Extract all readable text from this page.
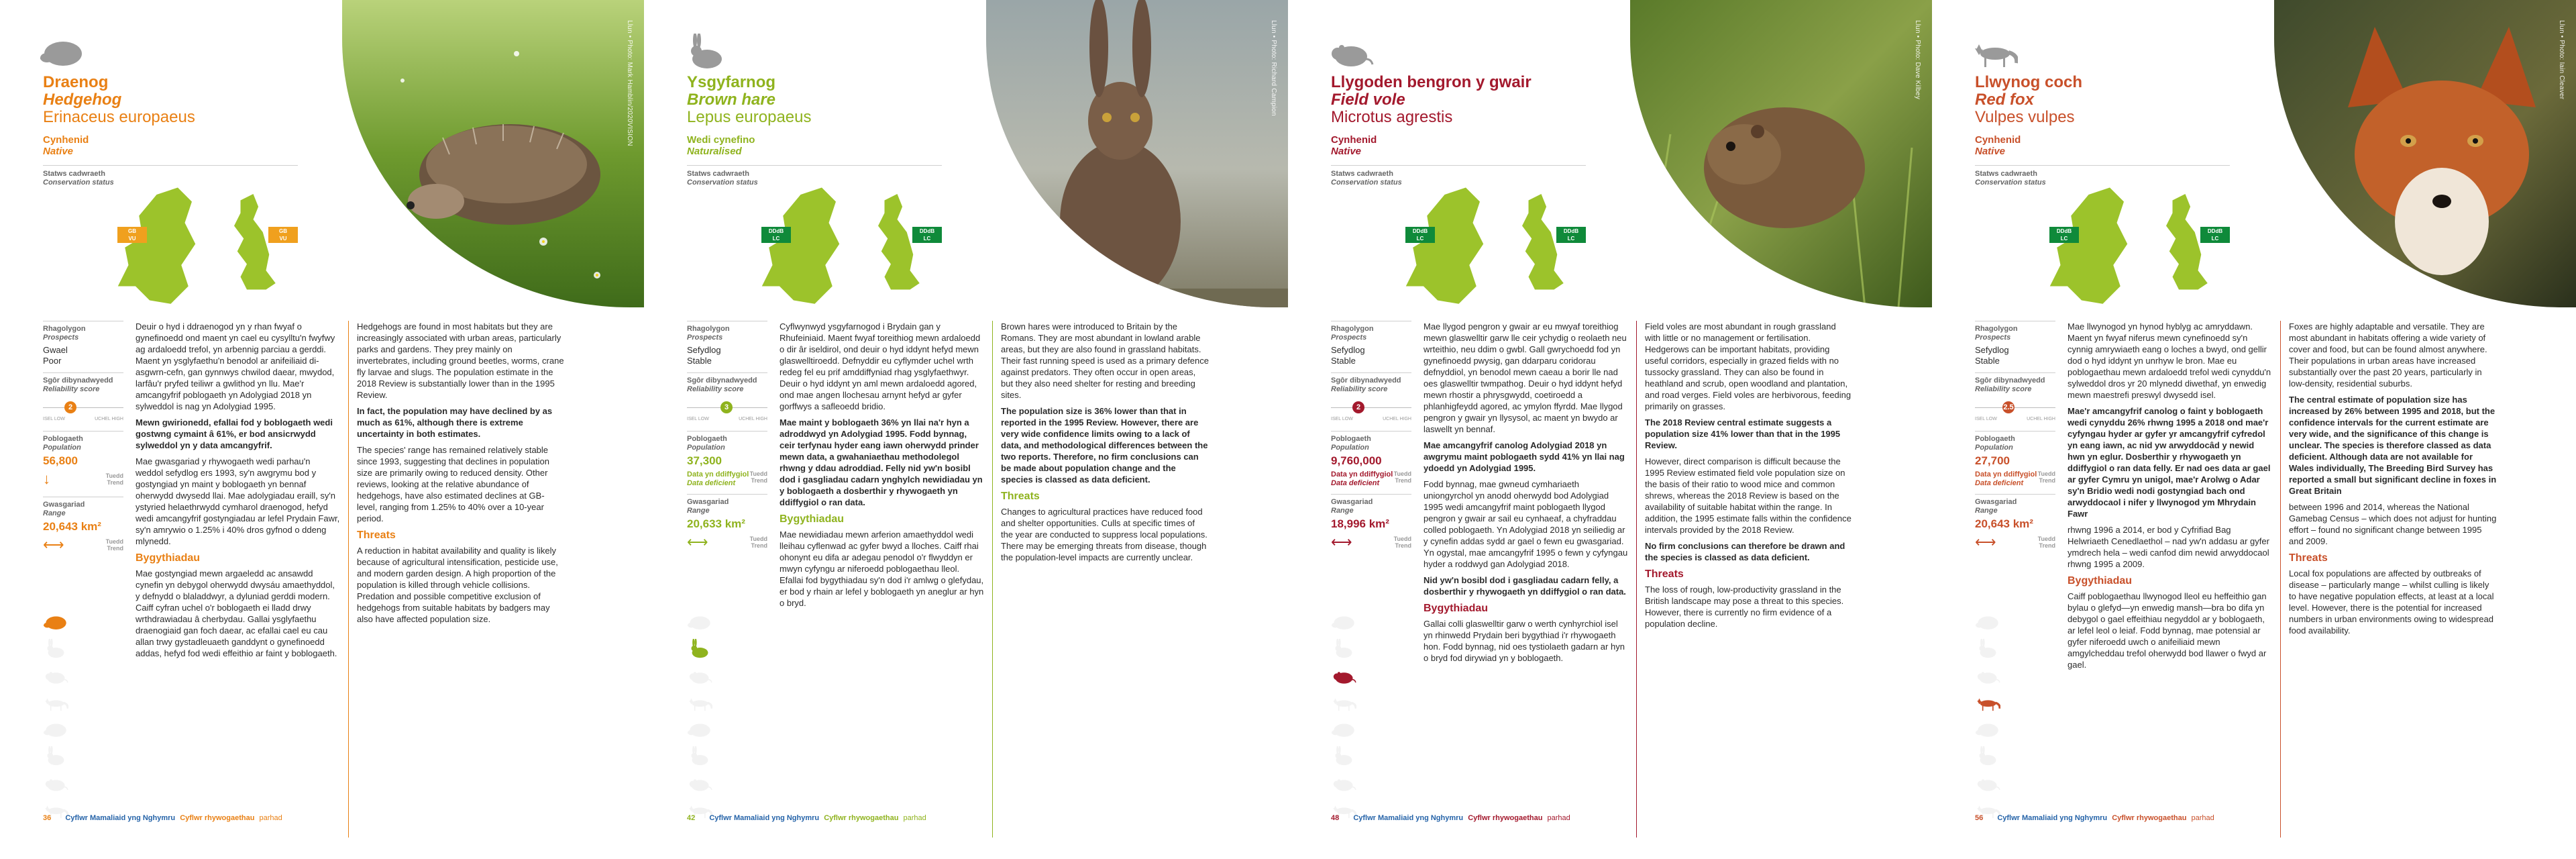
Llun • Photo: Mark Hamblin/2020VISION
Draenog
Hedgehog
Erinaceus europaeus
Cynhenid
Native
Statws cadwraeth
Conservation status
GB
VU
GB
VU
Rhagolygon
Prospects
Gwael
Poor
Sgôr dibynadwyedd
Reliability score
2
ISEL LOW	UCHEL HIGH
Poblogaeth
Population
56,800
↓	Tuedd
Trend
Gwasgariad
Range
20,643 km²
⟷	Tuedd
Trend

Deuir o hyd i ddraenogod yn y rhan fwyaf o gynefinoedd ond maent yn cael eu cysylltu'n fwyfwy ag ardaloedd trefol, yn arbennig parciau a gerddi. Maent yn ysglyfaethu'n benodol ar anifeiliaid di-asgwrn-cefn, gan gynnwys chwilod daear, mwydod, larfâu'r pryfed teiliwr a gwlithod yn llu. Mae'r amcangyfrif poblogaeth yn Adolygiad 2018 yn sylweddol is nag yn Adolygiad 1995.

Mewn gwirionedd, efallai fod y boblogaeth wedi gostwng cymaint â 61%, er bod ansicrwydd sylweddol yn y data amcangyfrif.

Mae gwasgariad y rhywogaeth wedi parhau'n weddol sefydlog ers 1993, sy'n awgrymu bod y gostyngiad yn maint y boblogaeth yn bennaf oherwydd dwysedd llai. Mae adolygiadau eraill, sy'n ystyried helaethrwydd cymharol draenogod, hefyd wedi amcangyfrif gostyngiadau ar lefel Prydain Fawr, sy'n amrywio o 1.25% i 40% dros gyfnod o ddeng mlynedd.

Bygythiadau

Mae gostyngiad mewn argaeledd ac ansawdd cynefin yn debygol oherwydd dwysáu amaethyddol, y defnydd o blaladdwyr, a dyluniad gerddi modern. Caiff cyfran uchel o'r boblogaeth ei lladd drwy wrthdrawiadau â cherbydau. Gallai ysglyfaethu draenogiaid gan foch daear, ac efallai cael eu cau allan trwy gystadleuaeth ganddynt o gynefinoedd addas, hefyd fod wedi effeithio ar faint y boblogaeth.

Hedgehogs are found in most habitats but they are increasingly associated with urban areas, particularly parks and gardens. They prey mainly on invertebrates, including ground beetles, worms, crane fly larvae and slugs. The population estimate in the 2018 Review is substantially lower than in the 1995 Review.

In fact, the population may have declined by as much as 61%, although there is extreme uncertainty in both estimates.

The species' range has remained relatively stable since 1993, suggesting that declines in population size are primarily owing to reduced density. Other reviews, looking at the relative abundance of hedgehogs, have also estimated declines at GB-level, ranging from 1.25% to 40% over a 10-year period.

Threats

A reduction in habitat availability and quality is likely because of agricultural intensification, pesticide use, and modern garden design. A high proportion of the population is killed through vehicle collisions. Predation and possible competitive exclusion of hedgehogs from suitable habitats by badgers may also have affected population size.

36 Cyflwr Mamaliaid yng Nghymru Cyflwr rhywogaethau parhad
Llun • Photo: Richard Campion
Ysgyfarnog
Brown hare
Lepus europaeus
Wedi cynefino
Naturalised
Statws cadwraeth
Conservation status
DDdB
LC
DDdB
LC
Rhagolygon
Prospects
Sefydlog
Stable
Sgôr dibynadwyedd
Reliability score
3
ISEL LOW	UCHEL HIGH
Poblogaeth
Population
37,300
Data yn ddiffygiol
Data deficient
Tuedd
Trend
Gwasgariad
Range
20,633 km²
⟷	Tuedd
Trend

Cyflwynwyd ysgyfarnogod i Brydain gan y Rhufeiniaid. Maent fwyaf toreithiog mewn ardaloedd o dir âr iseldirol, ond deuir o hyd iddynt hefyd mewn glaswelltiroedd. Defnyddir eu cyflymder uchel wrth redeg fel eu prif amddiffyniad rhag ysglyfaethwyr. Deuir o hyd iddynt yn aml mewn ardaloedd agored, ond mae angen llochesau arnynt hefyd ar gyfer gorffwys a safleoedd bridio.

Mae maint y boblogaeth 36% yn llai na'r hyn a adroddwyd yn Adolygiad 1995. Fodd bynnag, ceir terfynau hyder eang iawn oherwydd prinder mewn data, a gwahaniaethau methodolegol rhwng y ddau adroddiad. Felly nid yw'n bosibl dod i gasgliadau cadarn ynghylch newidiadau yn y boblogaeth a dosberthir y rhywogaeth yn ddiffygiol o ran data.

Bygythiadau

Mae newidiadau mewn arferion amaethyddol wedi lleihau cyflenwad ac gyfer bwyd a lloches. Caiff rhai ohonynt eu difa ar adegau penodol o'r flwyddyn er mwyn cyfyngu ar niferoedd poblogaethau lleol. Efallai fod bygythiadau sy'n dod i'r amlwg o glefydau, er bod y rhain ar lefel y boblogaeth yn aneglur ar hyn o bryd.

Brown hares were introduced to Britain by the Romans. They are most abundant in lowland arable areas, but they are also found in grassland habitats. Their fast running speed is used as a primary defence against predators. They often occur in open areas, but they also need shelter for resting and breeding sites.

The population size is 36% lower than that in reported in the 1995 Review. However, there are very wide confidence limits owing to a lack of data, and methodological differences between the two reports. Therefore, no firm conclusions can be made about population change and the species is classed as data deficient.

Threats

Changes to agricultural practices have reduced food and shelter opportunities. Culls at specific times of the year are conducted to suppress local populations. There may be emerging threats from disease, though the population-level impacts are currently unclear.

42 Cyflwr Mamaliaid yng Nghymru Cyflwr rhywogaethau parhad
Llun • Photo: Dave Kilbey
Llygoden bengron y gwair
Field vole
Microtus agrestis
Cynhenid
Native
Statws cadwraeth
Conservation status
DDdB
LC
DDdB
LC
Rhagolygon
Prospects
Sefydlog
Stable
Sgôr dibynadwyedd
Reliability score
2
ISEL LOW	UCHEL HIGH
Poblogaeth
Population
9,760,000
Data yn ddiffygiol
Data deficient
Tuedd
Trend
Gwasgariad
Range
18,996 km²
⟷	Tuedd
Trend

Mae llygod pengron y gwair ar eu mwyaf toreithiog mewn glaswelltir garw lle ceir ychydig o reolaeth neu wrteithio, neu ddim o gwbl. Gall gwrychoedd fod yn gynefinoedd pwysig, gan ddarparu coridorau defnyddiol, yn benodol mewn caeau a borir lle nad oes glaswelltir twmpathog. Deuir o hyd iddynt hefyd mewn rhostir a phrysgwydd, coetiroedd a phlanhigfeydd agored, ac ymylon ffyrdd. Mae llygod pengron y gwair yn llysysol, ac maent yn bwydo ar laswellt yn bennaf.

Mae amcangyfrif canolog Adolygiad 2018 yn awgrymu maint poblogaeth sydd 41% yn llai nag ydoedd yn Adolygiad 1995.

Fodd bynnag, mae gwneud cymhariaeth uniongyrchol yn anodd oherwydd bod Adolygiad 1995 wedi amcangyfrif maint poblogaeth llygod pengron y gwair ar sail eu cynhaeaf, a chyfraddau colled poblogaeth. Yn Adolygiad 2018 yn seiliedig ar y cynefin addas sydd ar gael o fewn eu gwasgariad. Yn ogystal, mae amcangyfrif 1995 o fewn y cyfyngau hyder a roddwyd gan Adolygiad 2018.

Nid yw'n bosibl dod i gasgliadau cadarn felly, a dosberthir y rhywogaeth yn ddiffygiol o ran data.

Bygythiadau

Gallai colli glaswelltir garw o werth cynhyrchiol isel yn rhinwedd Prydain beri bygythiad i'r rhywogaeth hon. Fodd bynnag, nid oes tystiolaeth gadarn ar hyn o bryd fod dirywiad yn y boblogaeth.

Field voles are most abundant in rough grassland with little or no management or fertilisation. Hedgerows can be important habitats, providing useful corridors, especially in grazed fields with no tussocky grassland. They can also be found in heathland and scrub, open woodland and plantation, and road verges. Field voles are herbivorous, feeding primarily on grasses.

The 2018 Review central estimate suggests a population size 41% lower than that in the 1995 Review.

However, direct comparison is difficult because the 1995 Review estimated field vole population size on the basis of their ratio to wood mice and common shrews, whereas the 2018 Review is based on the availability of suitable habitat within the range. In addition, the 1995 estimate falls within the confidence intervals provided by the 2018 Review.

No firm conclusions can therefore be drawn and the species is classed as data deficient.

Threats

The loss of rough, low-productivity grassland in the British landscape may pose a threat to this species. However, there is currently no firm evidence of a population decline.

48 Cyflwr Mamaliaid yng Nghymru Cyflwr rhywogaethau parhad
Llun • Photo: Iain Cleaver
Llwynog coch
Red fox
Vulpes vulpes
Cynhenid
Native
Statws cadwraeth
Conservation status
DDdB
LC
DDdB
LC
Rhagolygon
Prospects
Sefydlog
Stable
Sgôr dibynadwyedd
Reliability score
2.5
ISEL LOW	UCHEL HIGH
Poblogaeth
Population
27,700
Data yn ddiffygiol
Data deficient
Tuedd
Trend
Gwasgariad
Range
20,643 km²
⟷	Tuedd
Trend

Mae llwynogod yn hynod hyblyg ac amryddawn. Maent yn fwyaf niferus mewn cynefinoedd sy'n cynnig amrywiaeth eang o loches a bwyd, ond gellir dod o hyd iddynt yn unrhyw le bron. Mae eu poblogaethau mewn ardaloedd trefol wedi cynyddu'n sylweddol dros yr 20 mlynedd diwethaf, yn enwedig mewn maestrefi preswyl dwysedd isel.

Mae'r amcangyfrif canolog o faint y boblogaeth wedi cynyddu 26% rhwng 1995 a 2018 ond mae'r cyfyngau hyder ar gyfer yr amcangyfrif cyfredol yn eang iawn, ac nid yw arwyddocâd y newid hwn yn eglur. Dosberthir y rhywogaeth yn ddiffygiol o ran data felly. Er nad oes data ar gael ar gyfer Cymru yn unigol, mae'r Arolwg o Adar sy'n Bridio wedi nodi gostyngiad bach ond arwyddocaol i nifer y llwynogod ym Mhrydain Fawr

rhwng 1996 a 2014, er bod y Cyfrifiad Bag Helwriaeth Cenedlaethol – nad yw'n addasu ar gyfer ymdrech hela – wedi canfod dim newid arwyddocaol rhwng 1995 a 2009.

Bygythiadau

Caiff poblogaethau llwynogod lleol eu heffeithio gan bylau o glefyd—yn enwedig mansh—bra bo difa yn debygol o gael effeithiau negyddol ar y boblogaeth, ar lefel leol o leiaf. Fodd bynnag, mae potensial ar gyfer niferoedd uwch o anifeiliaid mewn amgylcheddau trefol oherwydd bod llawer o fwyd ar gael.

Foxes are highly adaptable and versatile. They are most abundant in habitats offering a wide variety of cover and food, but can be found almost anywhere. Their populations in urban areas have increased substantially over the past 20 years, particularly in low-density, residential suburbs.

The central estimate of population size has increased by 26% between 1995 and 2018, but the confidence intervals for the current estimate are very wide, and the significance of this change is unclear. The species is therefore classed as data deficient. Although data are not available for Wales individually, The Breeding Bird Survey has reported a small but significant decline in foxes in Great Britain

between 1996 and 2014, whereas the National Gamebag Census – which does not adjust for hunting effort – found no significant change between 1995 and 2009.

Threats

Local fox populations are affected by outbreaks of disease – particularly mange – whilst culling is likely to have negative population effects, at least at a local level. However, there is the potential for increased numbers in urban environments owing to widespread food availability.

56 Cyflwr Mamaliaid yng Nghymru Cyflwr rhywogaethau parhad
